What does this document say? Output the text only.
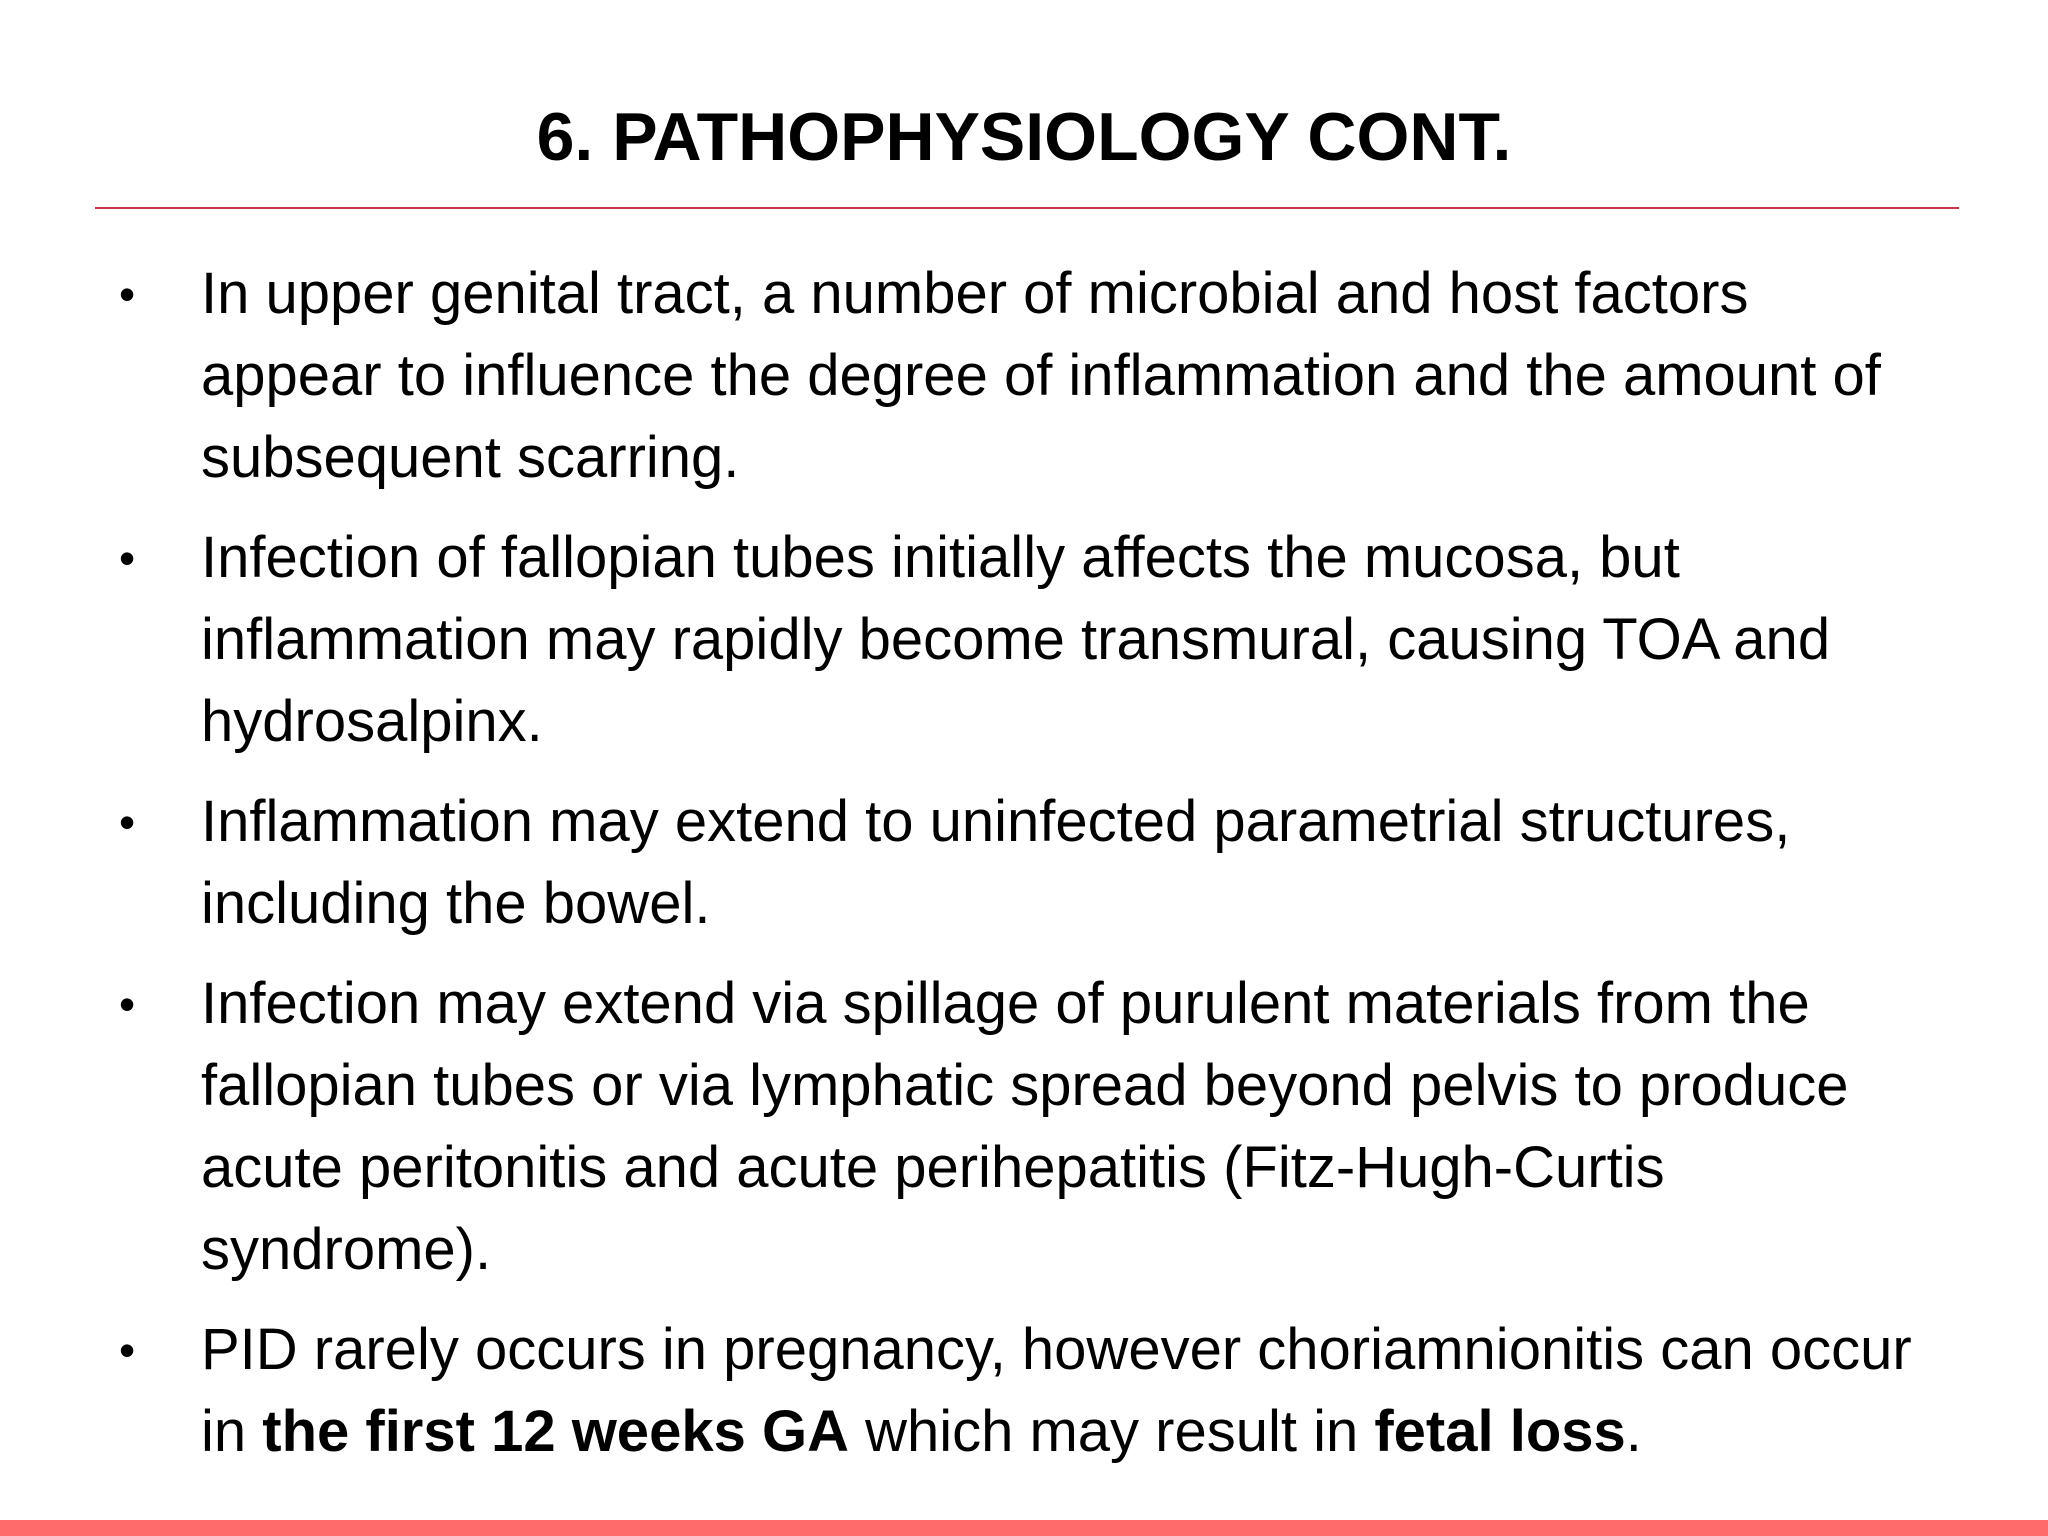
6. PATHOPHYSIOLOGY CONT.
• In upper genital tract, a number of microbial and host factors appear to influence the degree of inflammation and the amount of subsequent scarring.
• Infection of fallopian tubes initially affects the mucosa, but inflammation may rapidly become transmural, causing TOA and hydrosalpinx.
• Inflammation may extend to uninfected parametrial structures, including the bowel.
• Infection may extend via spillage of purulent materials from the fallopian tubes or via lymphatic spread beyond pelvis to produce acute peritonitis and acute perihepatitis (Fitz-Hugh-Curtis syndrome).
• PID rarely occurs in pregnancy, however choriamnionitis can occur in the first 12 weeks GA which may result in fetal loss.
